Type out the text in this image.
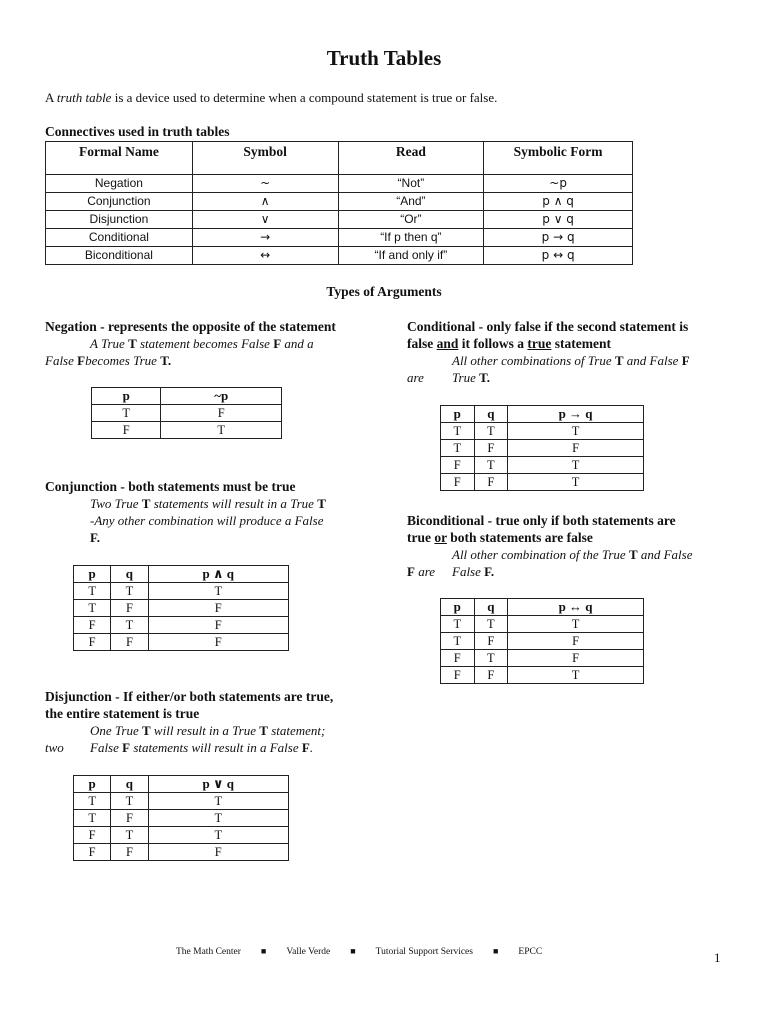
Truth Tables
A truth table is a device used to determine when a compound statement is true or false.
Connectives used in truth tables
Formal Name	Symbol	Read	Symbolic Form
Negation	~	“Not”	~p
Conjunction	∧	“And”	p ∧ q
Disjunction	∨	“Or”	p ∨ q
Conditional	→	“If p then q”	p → q
Biconditional	↔	“If and only if”	p ↔ q
Types of Arguments
Negation - represents the opposite of the statement
A True T statement becomes False F and a
False Fbecomes True T.
p	~p
T	F
F	T
Conjunction - both statements must be true
Two True T statements will result in a True T
-Any other combination will produce a False
F.
p	q	p ∧ q
T	T	T
T	F	F
F	T	F
F	F	F
Disjunction - If either/or both statements are true,
the entire statement is true
One True T will result in a True T statement;
two False F statements will result in a False F.
p	q	p ∨ q
T	T	T
T	F	T
F	T	T
F	F	F
Conditional - only false if the second statement is
false and it follows a true statement
All other combinations of True T and False F
are True T.
p	q	p → q
T	T	T
T	F	F
F	T	T
F	F	T
Biconditional - true only if both statements are
true or both statements are false
All other combination of the True T and False
F are False F.
p	q	p ↔ q
T	T	T
T	F	F
F	T	F
F	F	T
The Math Center ■ Valle Verde ■ Tutorial Support Services ■ EPCC	1
